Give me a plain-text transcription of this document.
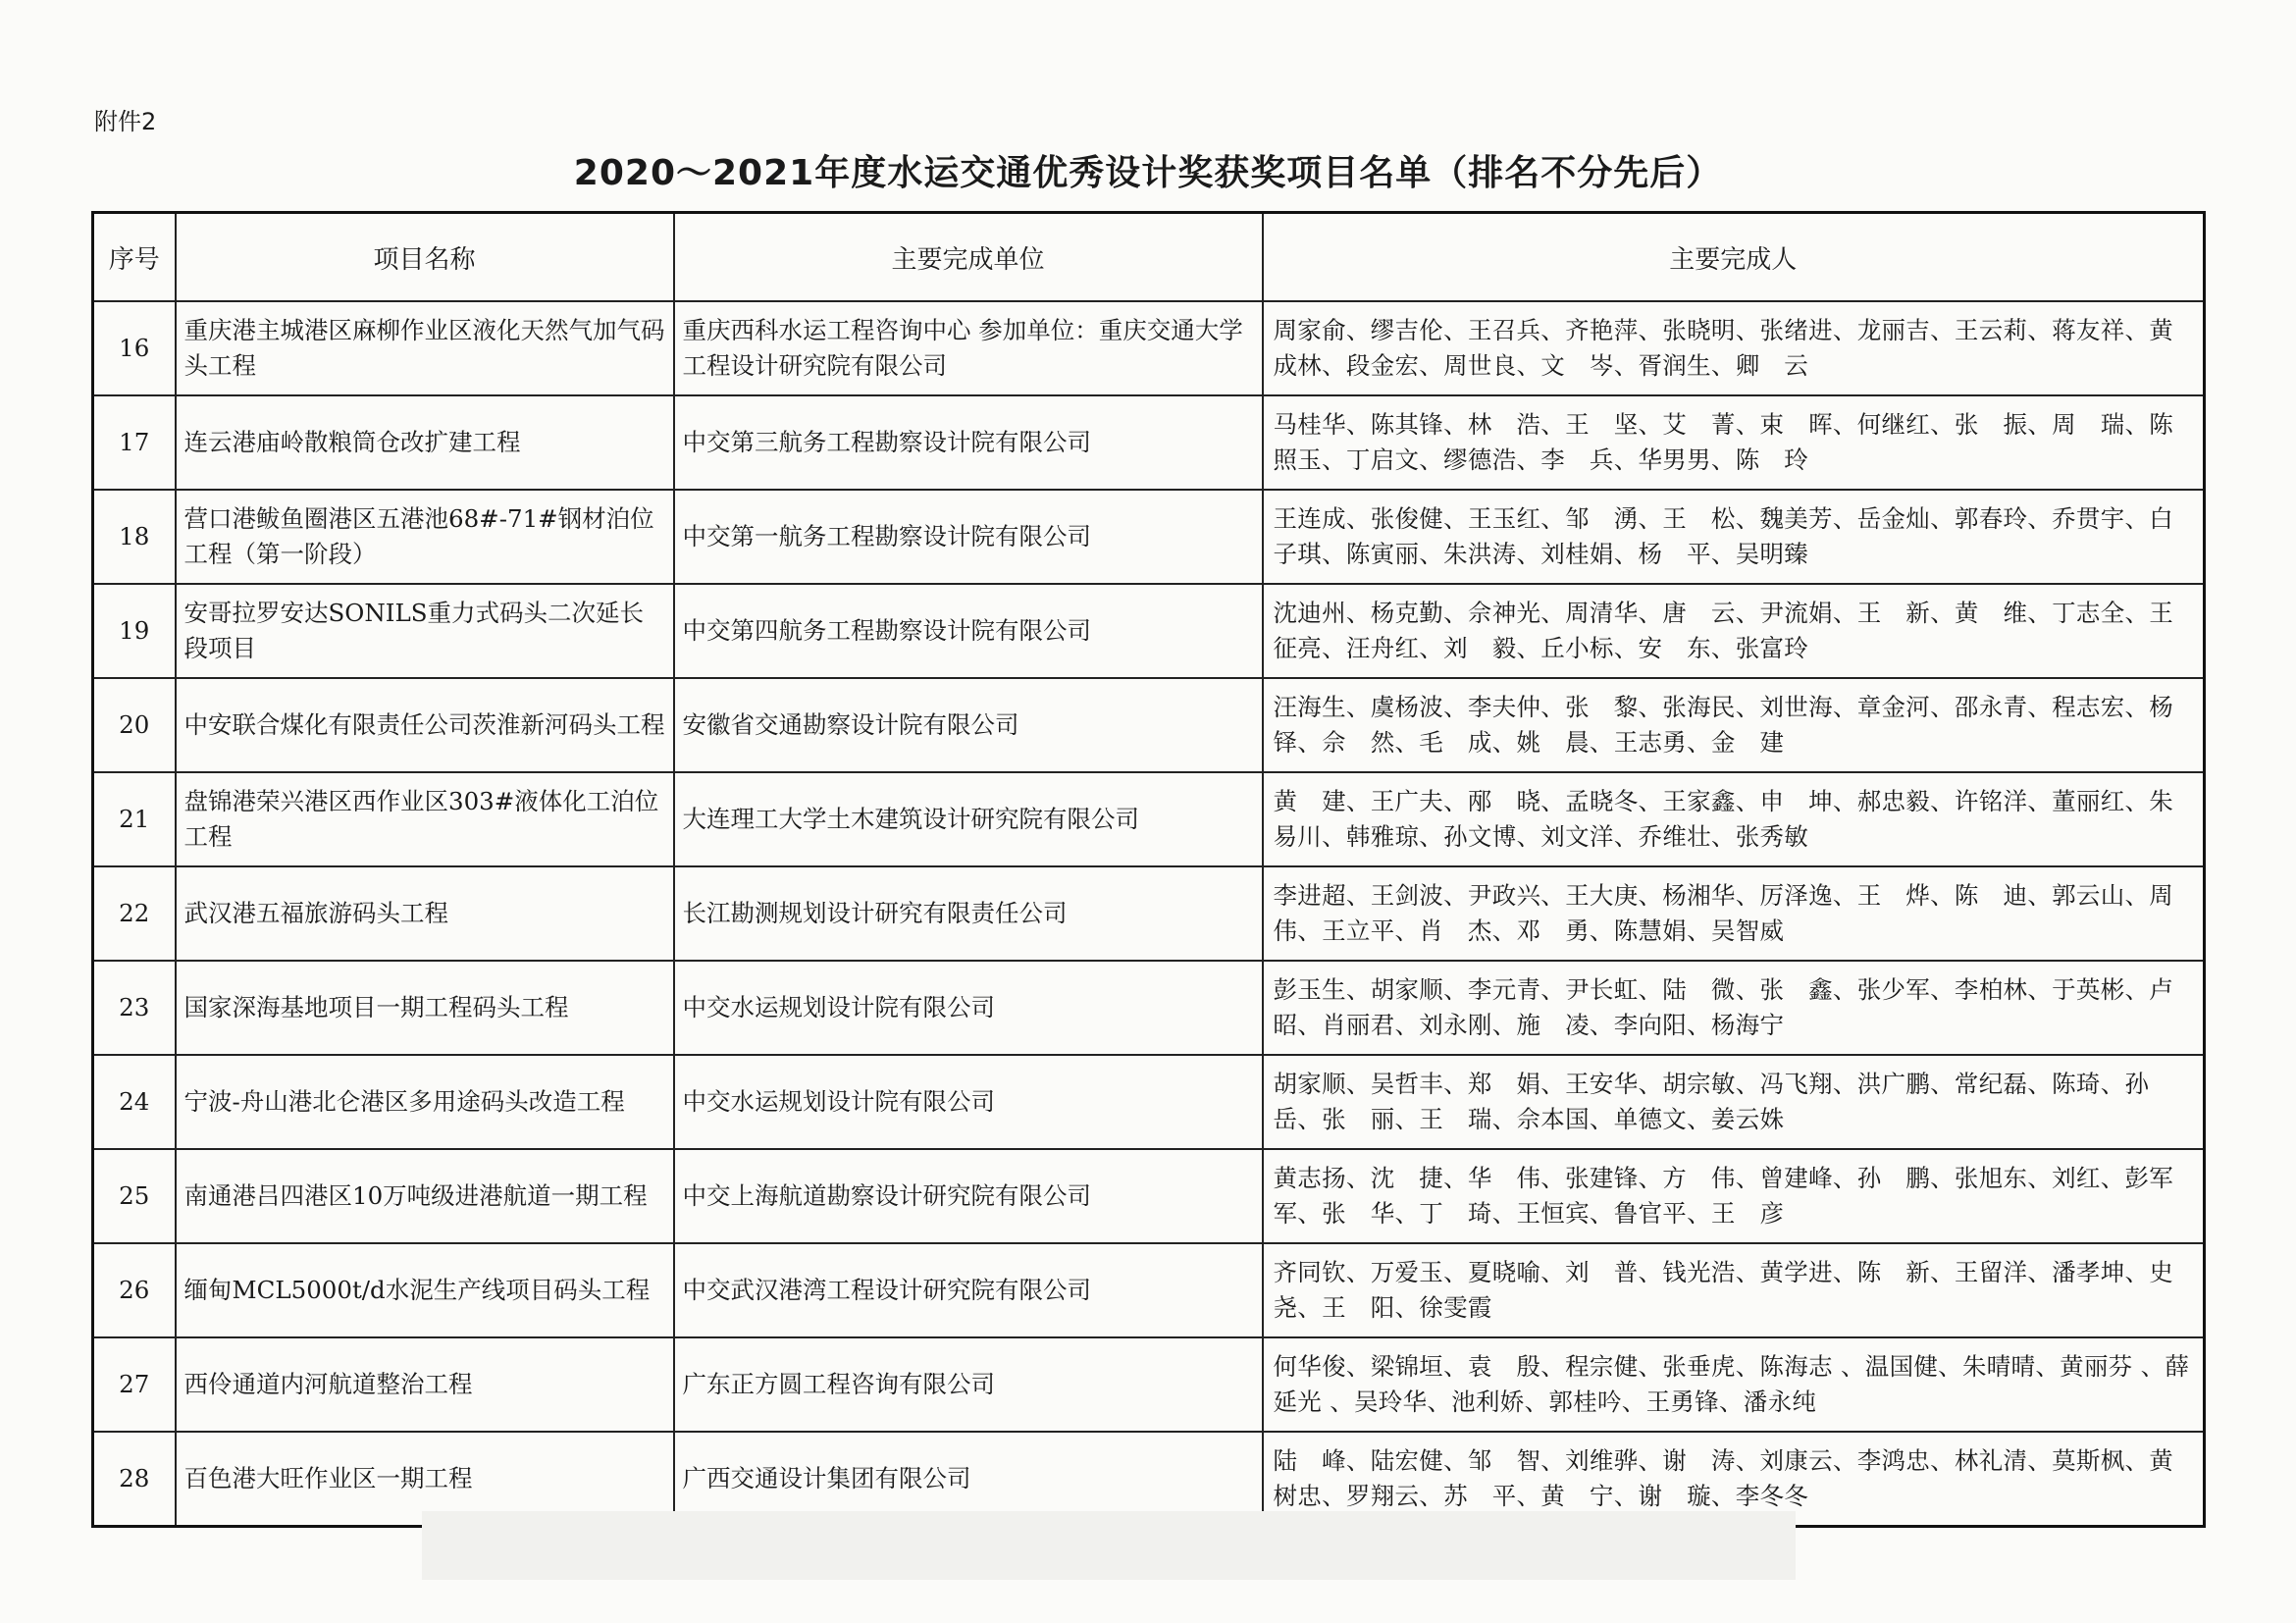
附件2
2020～2021年度水运交通优秀设计奖获奖项目名单（排名不分先后）
序号	项目名称	主要完成单位	主要完成人
16	重庆港主城港区麻柳作业区液化天然气加气码头工程	重庆西科水运工程咨询中心 参加单位：重庆交通大学工程设计研究院有限公司	周家俞、缪吉伦、王召兵、齐艳萍、张晓明、张绪进、龙丽吉、王云莉、蒋友祥、黄成林、段金宏、周世良、文　岑、胥润生、卿　云
17	连云港庙岭散粮筒仓改扩建工程	中交第三航务工程勘察设计院有限公司	马桂华、陈其锋、林　浩、王　坚、艾　菁、束　晖、何继红、张　振、周　瑞、陈照玉、丁启文、缪德浩、李　兵、华男男、陈　玲
18	营口港鲅鱼圈港区五港池68#-71#钢材泊位工程（第一阶段）	中交第一航务工程勘察设计院有限公司	王连成、张俊健、王玉红、邹　湧、王　松、魏美芳、岳金灿、郭春玲、乔贯宇、白子琪、陈寅丽、朱洪涛、刘桂娟、杨　平、吴明臻
19	安哥拉罗安达SONILS重力式码头二次延长段项目	中交第四航务工程勘察设计院有限公司	沈迪州、杨克勤、佘神光、周清华、唐　云、尹流娟、王　新、黄　维、丁志全、王征亮、汪舟红、刘　毅、丘小标、安　东、张富玲
20	中安联合煤化有限责任公司茨淮新河码头工程	安徽省交通勘察设计院有限公司	汪海生、虞杨波、李夫仲、张　黎、张海民、刘世海、章金河、邵永青、程志宏、杨　铎、佘　然、毛　成、姚　晨、王志勇、金　建
21	盘锦港荣兴港区西作业区303#液体化工泊位工程	大连理工大学土木建筑设计研究院有限公司	黄　建、王广夫、邴　晓、孟晓冬、王家鑫、申　坤、郝忠毅、许铭洋、董丽红、朱易川、韩雅琼、孙文博、刘文洋、乔维壮、张秀敏
22	武汉港五福旅游码头工程	长江勘测规划设计研究有限责任公司	李进超、王剑波、尹政兴、王大庚、杨湘华、厉泽逸、王　烨、陈　迪、郭云山、周　伟、王立平、肖　杰、邓　勇、陈慧娟、吴智威
23	国家深海基地项目一期工程码头工程	中交水运规划设计院有限公司	彭玉生、胡家顺、李元青、尹长虹、陆　微、张　鑫、张少军、李柏林、于英彬、卢　昭、肖丽君、刘永刚、施　凌、李向阳、杨海宁
24	宁波-舟山港北仑港区多用途码头改造工程	中交水运规划设计院有限公司	胡家顺、吴哲丰、郑　娟、王安华、胡宗敏、冯飞翔、洪广鹏、常纪磊、陈琦、孙　岳、张　丽、王　瑞、佘本国、单德文、姜云姝
25	南通港吕四港区10万吨级进港航道一期工程	中交上海航道勘察设计研究院有限公司	黄志扬、沈　捷、华　伟、张建锋、方　伟、曾建峰、孙　鹏、张旭东、刘红、彭军军、张　华、丁　琦、王恒宾、鲁官平、王　彦
26	缅甸MCL5000t/d水泥生产线项目码头工程	中交武汉港湾工程设计研究院有限公司	齐同钦、万爱玉、夏晓喻、刘　普、钱光浩、黄学进、陈　新、王留洋、潘孝坤、史　尧、王　阳、徐雯霞
27	西伶通道内河航道整治工程	广东正方圆工程咨询有限公司	何华俊、梁锦垣、袁　殷、程宗健、张垂虎、陈海志 、温国健、朱晴晴、黄丽芬 、薛延光 、吴玲华、池利娇、郭桂吟、王勇锋、潘永纯
28	百色港大旺作业区一期工程	广西交通设计集团有限公司	陆　峰、陆宏健、邹　智、刘维骅、谢　涛、刘康云、李鸿忠、林礼清、莫斯枫、黄树忠、罗翔云、苏　平、黄　宁、谢　璇、李冬冬
